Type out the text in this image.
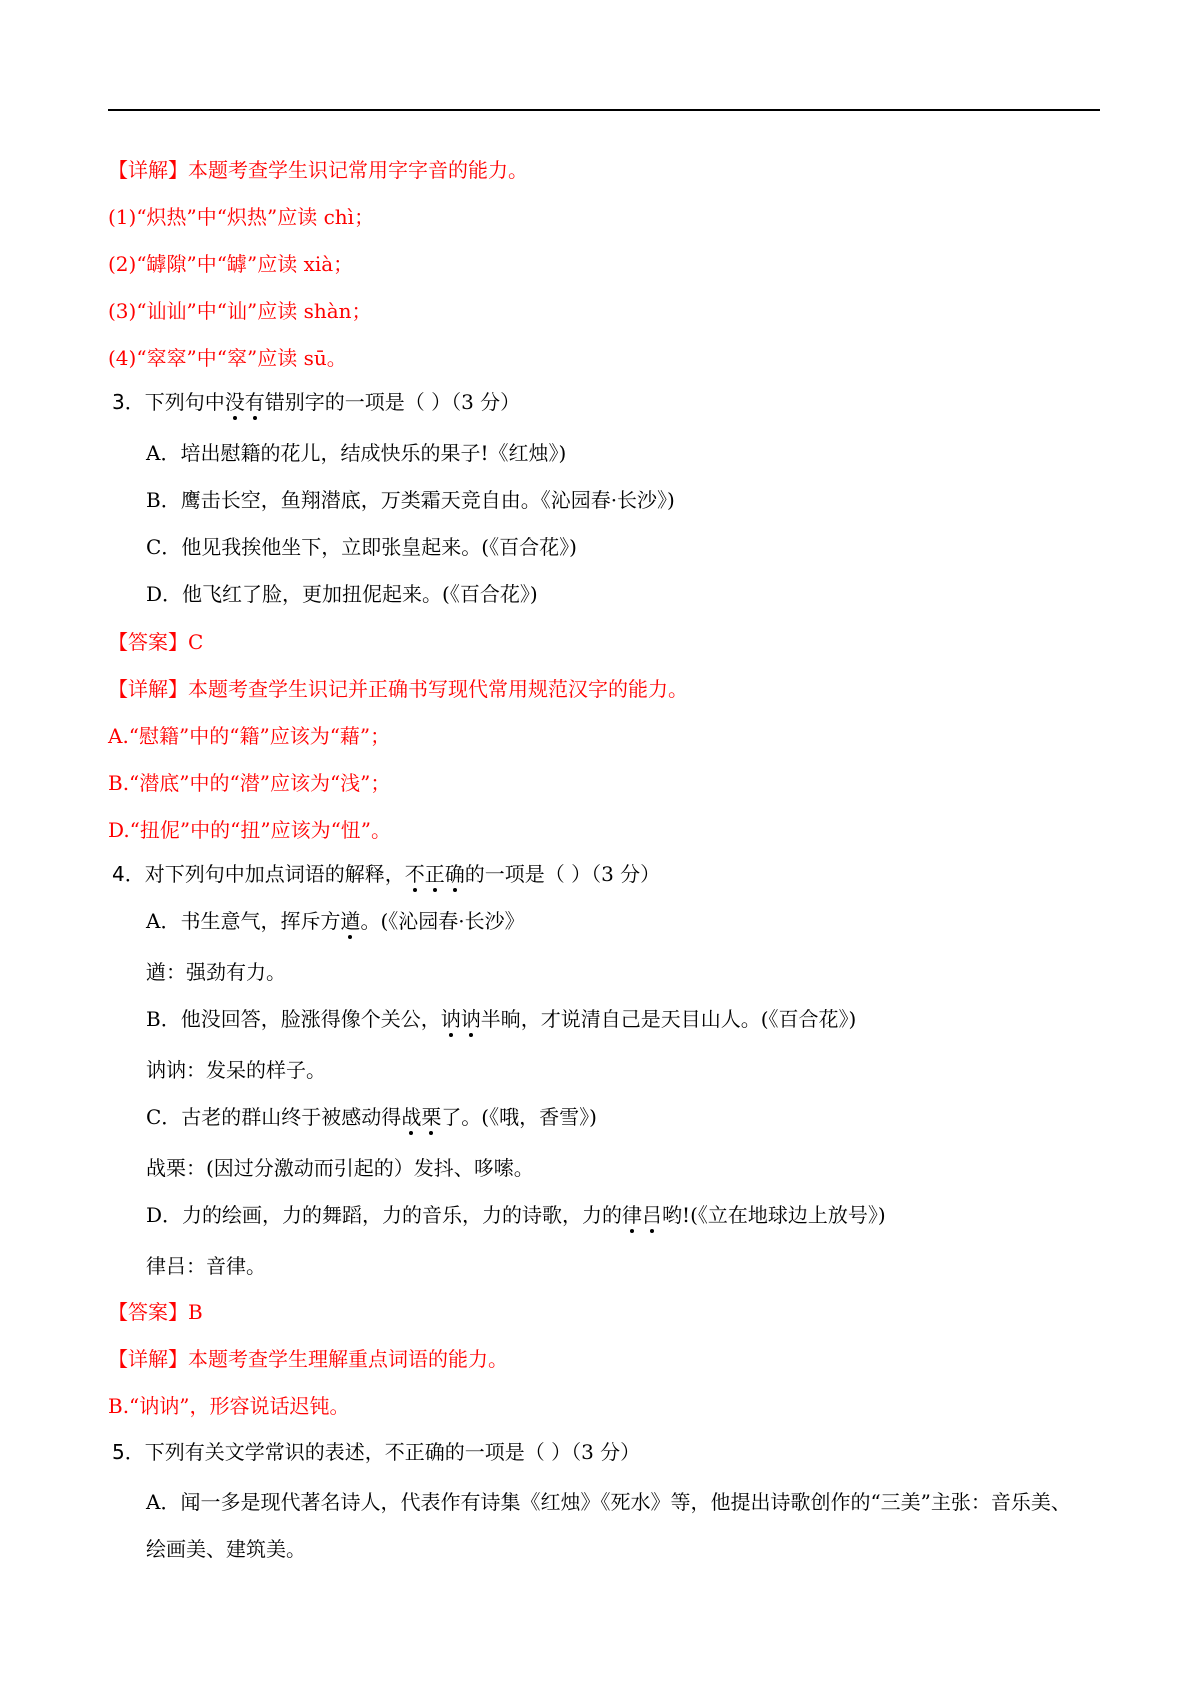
【详解】本题考查学生识记常用字字音的能力。
(1)“炽热”中“炽热”应读 chì；
(2)“罅隙”中“罅”应读 xià；
(3)“讪讪”中“讪”应读 shàn；
(4)“窣窣”中“窣”应读 sū。
3．下列句中没有错别字的一项是（ ）（3 分）
A．培出慰籍的花儿，结成快乐的果子!《红烛》)
B．鹰击长空，鱼翔潜底，万类霜天竞自由。《沁园春·长沙》)
C．他见我挨他坐下，立即张皇起来。(《百合花》)
D．他飞红了脸，更加扭伲起来。(《百合花》)
【答案】C
【详解】本题考查学生识记并正确书写现代常用规范汉字的能力。
A.“慰籍”中的“籍”应该为“藉”；
B.“潜底”中的“潜”应该为“浅”；
D.“扭伲”中的“扭”应该为“忸”。
4．对下列句中加点词语的解释，不正确的一项是（ ）（3 分）
A．书生意气，挥斥方遒。(《沁园春·长沙》
遒：强劲有力。
B．他没回答，脸涨得像个关公，讷讷半晌，才说清自己是天目山人。(《百合花》)
讷讷：发呆的样子。
C．古老的群山终于被感动得战栗了。(《哦，香雪》)
战栗：(因过分激动而引起的）发抖、哆嗦。
D．力的绘画，力的舞蹈，力的音乐，力的诗歌，力的律吕哟!(《立在地球边上放号》)
律吕：音律。
【答案】B
【详解】本题考查学生理解重点词语的能力。
B.“讷讷”，形容说话迟钝。
5．下列有关文学常识的表述，不正确的一项是（ ）（3 分）
A．闻一多是现代著名诗人，代表作有诗集《红烛》《死水》等，他提出诗歌创作的“三美”主张：音乐美、
绘画美、建筑美。
